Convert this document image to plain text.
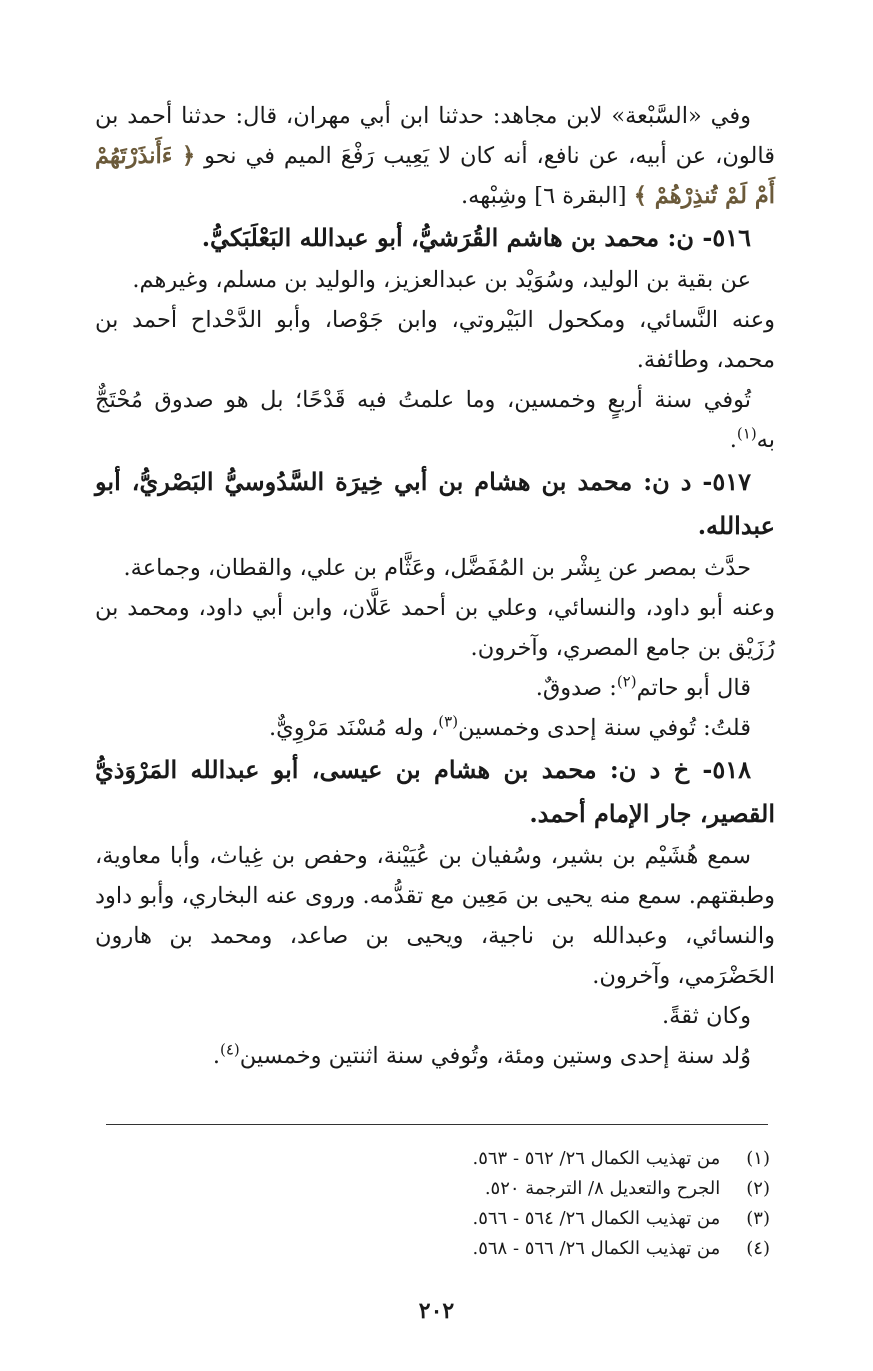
وفي «السَّبْعة» لابن مجاهد: حدثنا ابن أبي مهران، قال: حدثنا أحمد بن قالون، عن أبيه، عن نافع، أنه كان لا يَعِيب رَفْعَ الميم في نحو ﴿ ءَأَنذَرْتَهُمْ أَمْ لَمْ تُنذِرْهُمْ ﴾ [البقرة ٦] وشِبْهه.

٥١٦- ن: محمد بن هاشم القُرَشيُّ، أبو عبدالله البَعْلَبَكيُّ.

عن بقية بن الوليد، وسُوَيْد بن عبدالعزيز، والوليد بن مسلم، وغيرهم.

وعنه النَّسائي، ومكحول البَيْروتي، وابن جَوْصا، وأبو الدَّحْداح أحمد بن محمد، وطائفة.

تُوفي سنة أربعٍ وخمسين، وما علمتُ فيه قَدْحًا؛ بل هو صدوق مُحْتَجٌّ به$^{(١)}$.

٥١٧- د ن: محمد بن هشام بن أبي خِيرَة السَّدُوسيُّ البَصْريُّ، أبو عبدالله.

حدَّث بمصر عن بِشْر بن المُفَضَّل، وعَثَّام بن علي، والقطان، وجماعة.

وعنه أبو داود، والنسائي، وعلي بن أحمد عَلَّان، وابن أبي داود، ومحمد بن رُزَيْق بن جامع المصري، وآخرون.

قال أبو حاتم$^{(٢)}$: صدوقٌ.

قلتُ: تُوفي سنة إحدى وخمسين$^{(٣)}$، وله مُسْنَد مَرْوِيٌّ.

٥١٨- خ د ن: محمد بن هشام بن عيسى، أبو عبدالله المَرْوَذيُّ القصير، جار الإمام أحمد.

سمع هُشَيْم بن بشير، وسُفيان بن عُيَيْنة، وحفص بن غِياث، وأبا معاوية، وطبقتهم. سمع منه يحيى بن مَعِين مع تقدُّمه. وروى عنه البخاري، وأبو داود والنسائي، وعبدالله بن ناجية، ويحيى بن صاعد، ومحمد بن هارون الحَضْرَمي، وآخرون.

وكان ثقةً.

وُلد سنة إحدى وستين ومئة، وتُوفي سنة اثنتين وخمسين$^{(٤)}$.

(١) من تهذيب الكمال ٢٦/ ٥٦٢ - ٥٦٣.

(٢) الجرح والتعديل ٨/ الترجمة ٥٢٠.

(٣) من تهذيب الكمال ٢٦/ ٥٦٤ - ٥٦٦.

(٤) من تهذيب الكمال ٢٦/ ٥٦٦ - ٥٦٨.

٢٠٢
